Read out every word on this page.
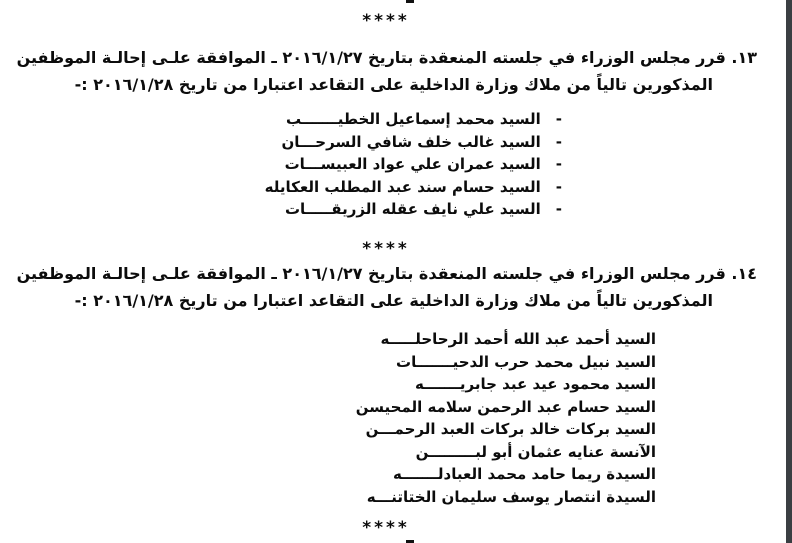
****
١٣. قرر مجلس الوزراء في جلسته المنعقدة بتاريخ ٢٠١٦/١/٢٧ ـ الموافقة علـى إحالـة الموظفين
المذكورين تالياً من ملاك وزارة الداخلية على التقاعد اعتبارا من تاريخ ٢٠١٦/١/٢٨ :-
-السيد محمد إسماعيل الخطيـــــــب
-السيد غالب خلف شافي السرحـــان
-السيد عمران علي عواد العبيســـات
-السيد حسام سند عبد المطلب العكايله
-السيد علي نايف عقله الزريقـــــات
****
١٤. قرر مجلس الوزراء في جلسته المنعقدة بتاريخ ٢٠١٦/١/٢٧ ـ الموافقة علـى إحالـة الموظفين
المذكورين تالياً من ملاك وزارة الداخلية على التقاعد اعتبارا من تاريخ ٢٠١٦/١/٢٨ :-
السيد أحمد عبد الله أحمد الرحاحلـــــه
السيد نبيل محمد حرب الدحيـــــــات
السيد محمود عيد عبد جابريـــــــه
السيد حسام عبد الرحمن سلامه المحيسن
السيد بركات خالد بركات العبد الرحمـــن
الآنسة عنايه عثمان أبو لبـــــــــن
السيدة ريما حامد محمد العبادلـــــــه
السيدة انتصار يوسف سليمان الختاتنـــه
****
